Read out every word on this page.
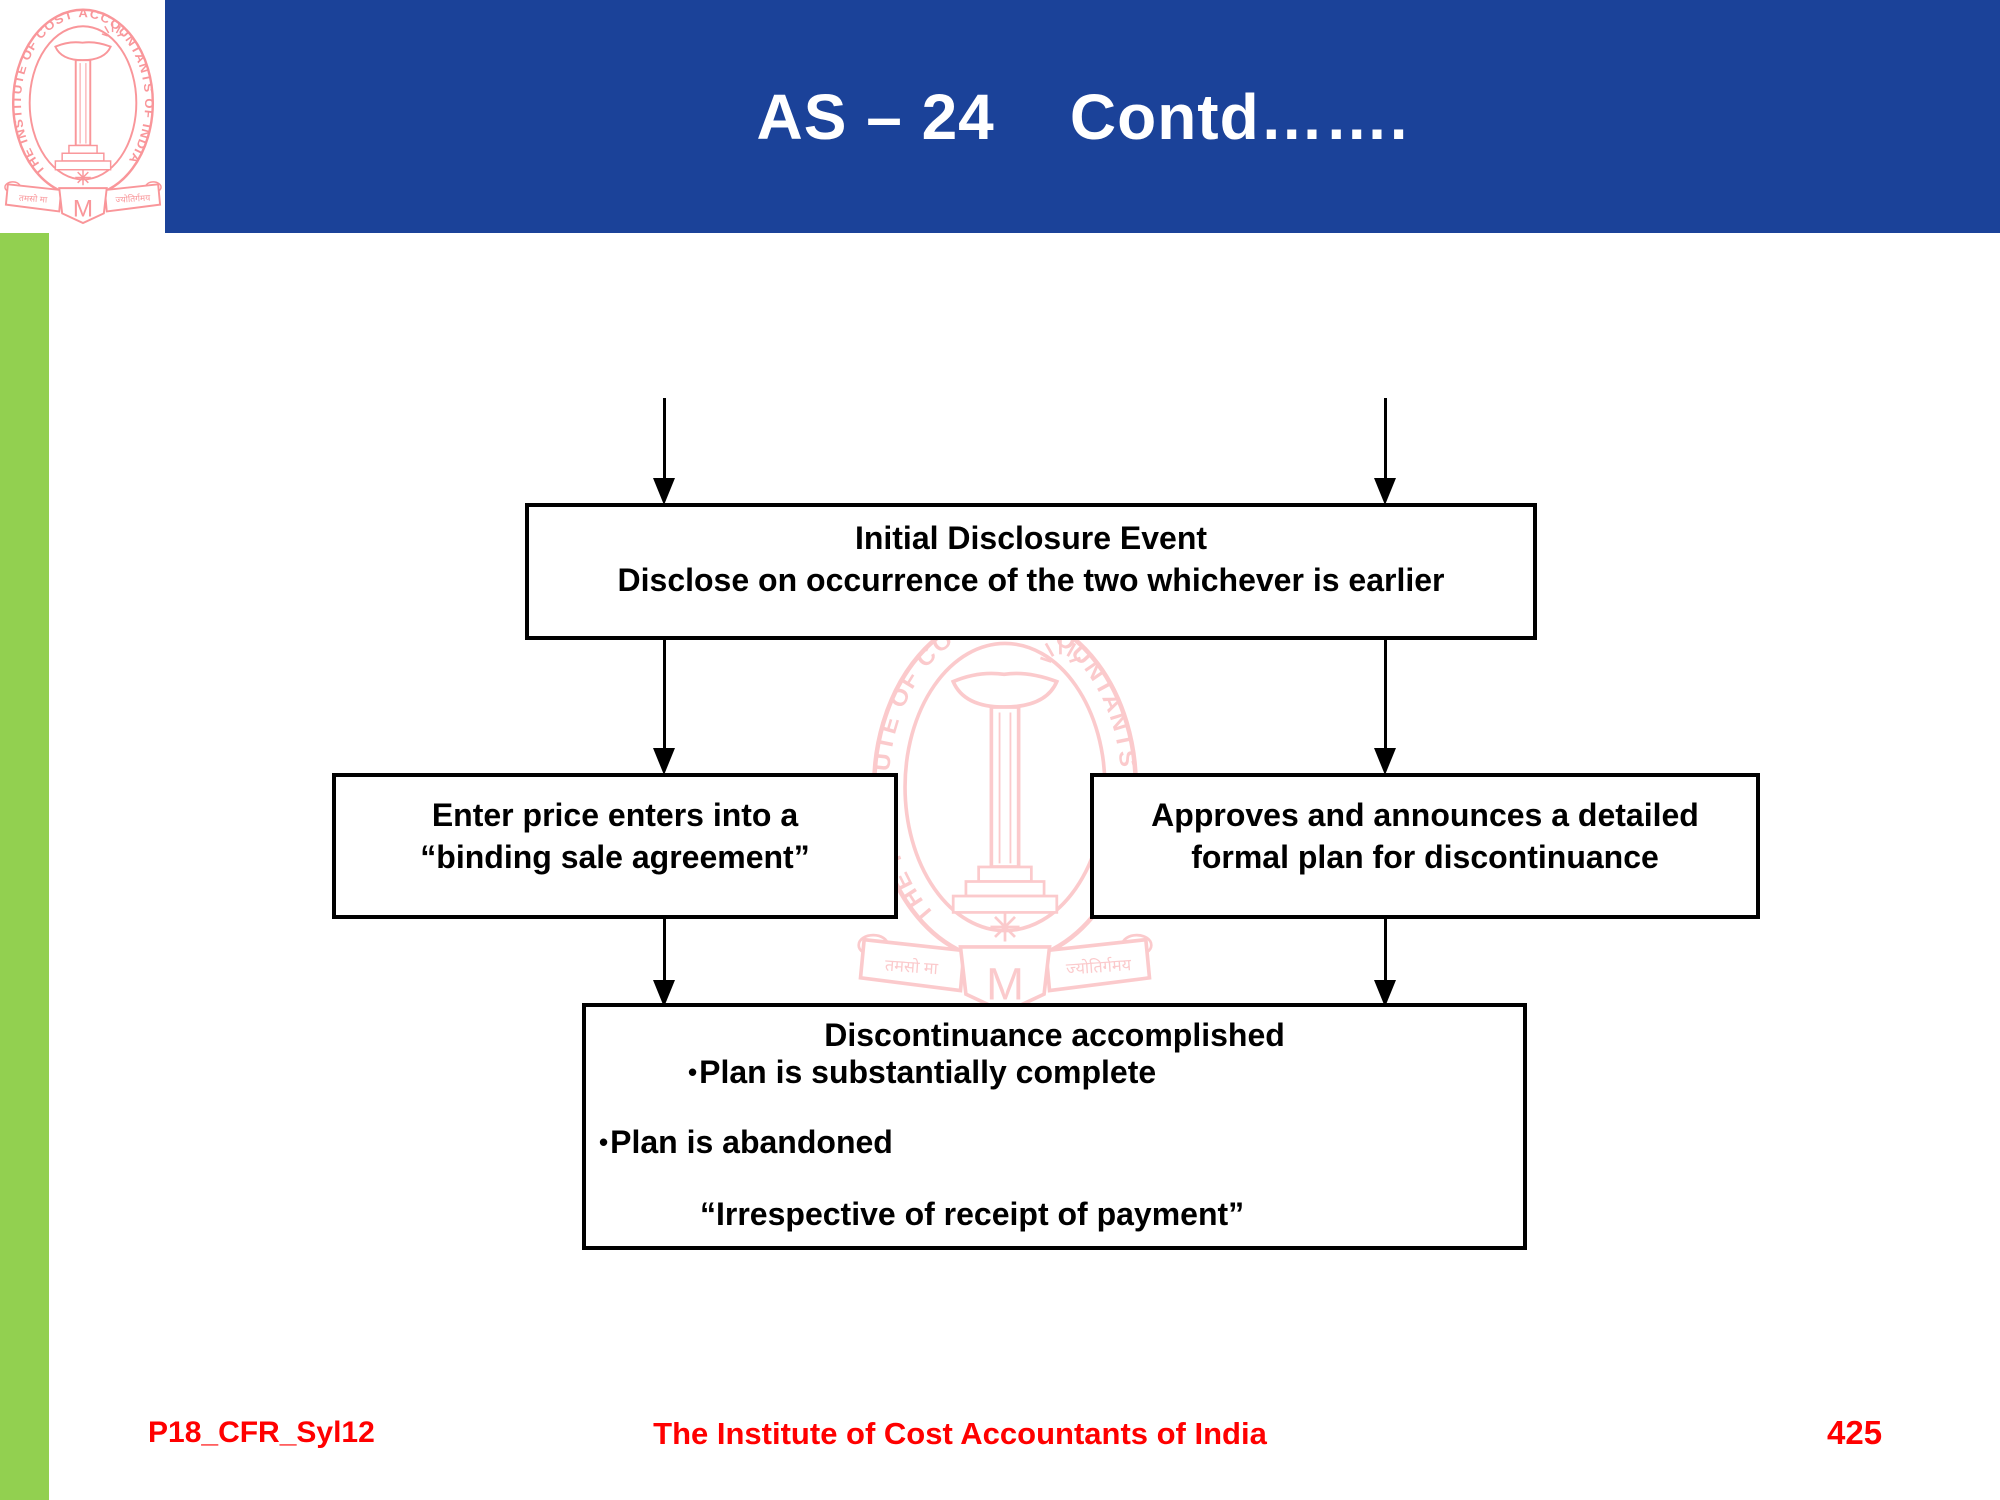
AS – 24    Contd…….
Initial Disclosure Event
Disclose on occurrence of the two whichever is earlier
Enter price enters into a
“binding sale agreement”
Approves and announces a detailed
formal plan for discontinuance
Discontinuance accomplished
•Plan is substantially complete
•Plan is abandoned
“Irrespective of receipt of payment”
P18_CFR_Syl12	The Institute of Cost Accountants of India	425
